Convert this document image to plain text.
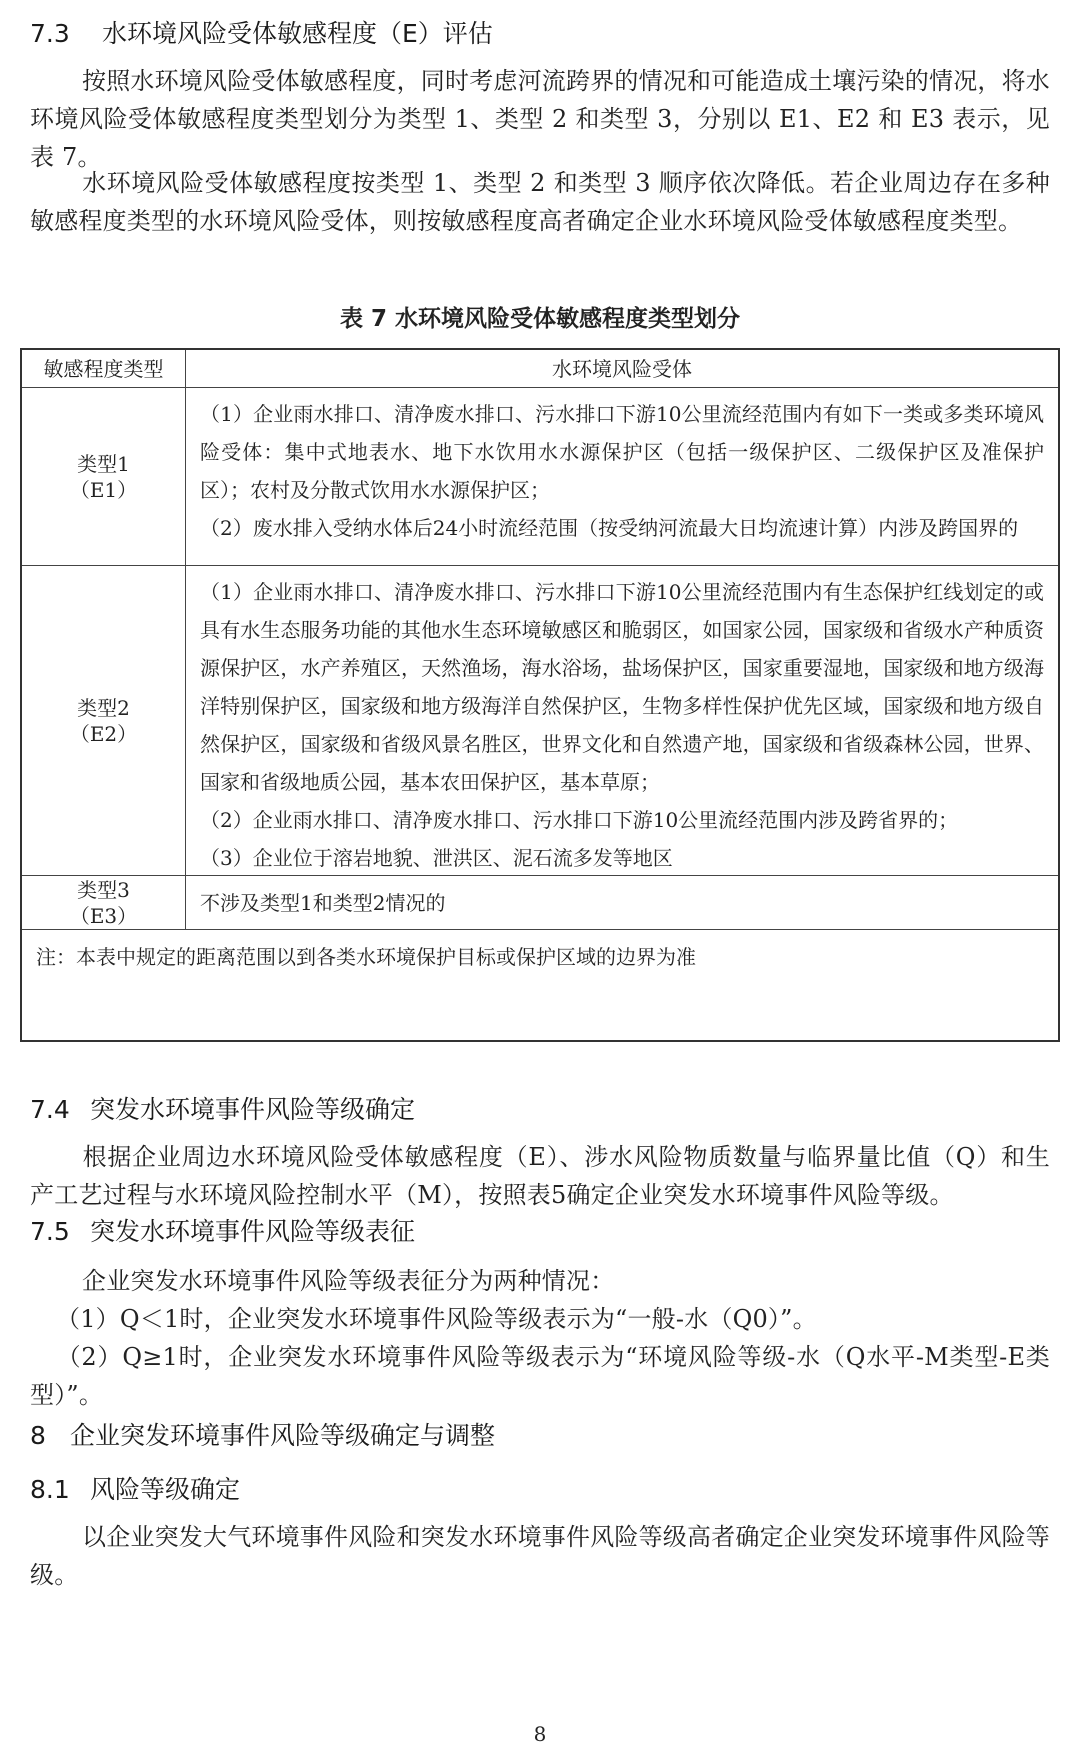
7.3 水环境风险受体敏感程度（E）评估
按照水环境风险受体敏感程度，同时考虑河流跨界的情况和可能造成土壤污染的情况，将水环境风险受体敏感程度类型划分为类型 1、类型 2 和类型 3，分别以 E1、E2 和 E3 表示，见表 7。
水环境风险受体敏感程度按类型 1、类型 2 和类型 3 顺序依次降低。若企业周边存在多种敏感程度类型的水环境风险受体，则按敏感程度高者确定企业水环境风险受体敏感程度类型。
表 7 水环境风险受体敏感程度类型划分
敏感程度类型	水环境风险受体
类型1
（E1）
（1）企业雨水排口、清净废水排口、污水排口下游10公里流经范围内有如下一类或多类环境风险受体：集中式地表水、地下水饮用水水源保护区（包括一级保护区、二级保护区及准保护区）；农村及分散式饮用水水源保护区；
（2）废水排入受纳水体后24小时流经范围（按受纳河流最大日均流速计算）内涉及跨国界的
类型2
（E2）
（1）企业雨水排口、清净废水排口、污水排口下游10公里流经范围内有生态保护红线划定的或具有水生态服务功能的其他水生态环境敏感区和脆弱区，如国家公园，国家级和省级水产种质资源保护区，水产养殖区，天然渔场，海水浴场，盐场保护区，国家重要湿地，国家级和地方级海洋特别保护区，国家级和地方级海洋自然保护区，生物多样性保护优先区域，国家级和地方级自然保护区，国家级和省级风景名胜区，世界文化和自然遗产地，国家级和省级森林公园，世界、国家和省级地质公园，基本农田保护区，基本草原；
（2）企业雨水排口、清净废水排口、污水排口下游10公里流经范围内涉及跨省界的；
（3）企业位于溶岩地貌、泄洪区、泥石流多发等地区
类型3
（E3）
不涉及类型1和类型2情况的
注：本表中规定的距离范围以到各类水环境保护目标或保护区域的边界为准
7.4 突发水环境事件风险等级确定
根据企业周边水环境风险受体敏感程度（E）、涉水风险物质数量与临界量比值（Q）和生产工艺过程与水环境风险控制水平（M），按照表5确定企业突发水环境事件风险等级。
7.5 突发水环境事件风险等级表征
企业突发水环境事件风险等级表征分为两种情况：
（1）Q＜1时，企业突发水环境事件风险等级表示为“一般-水（Q0）”。
（2）Q≥1时，企业突发水环境事件风险等级表示为“环境风险等级-水（Q水平-M类型-E类型）”。
8 企业突发环境事件风险等级确定与调整
8.1 风险等级确定
以企业突发大气环境事件风险和突发水环境事件风险等级高者确定企业突发环境事件风险等级。
8
